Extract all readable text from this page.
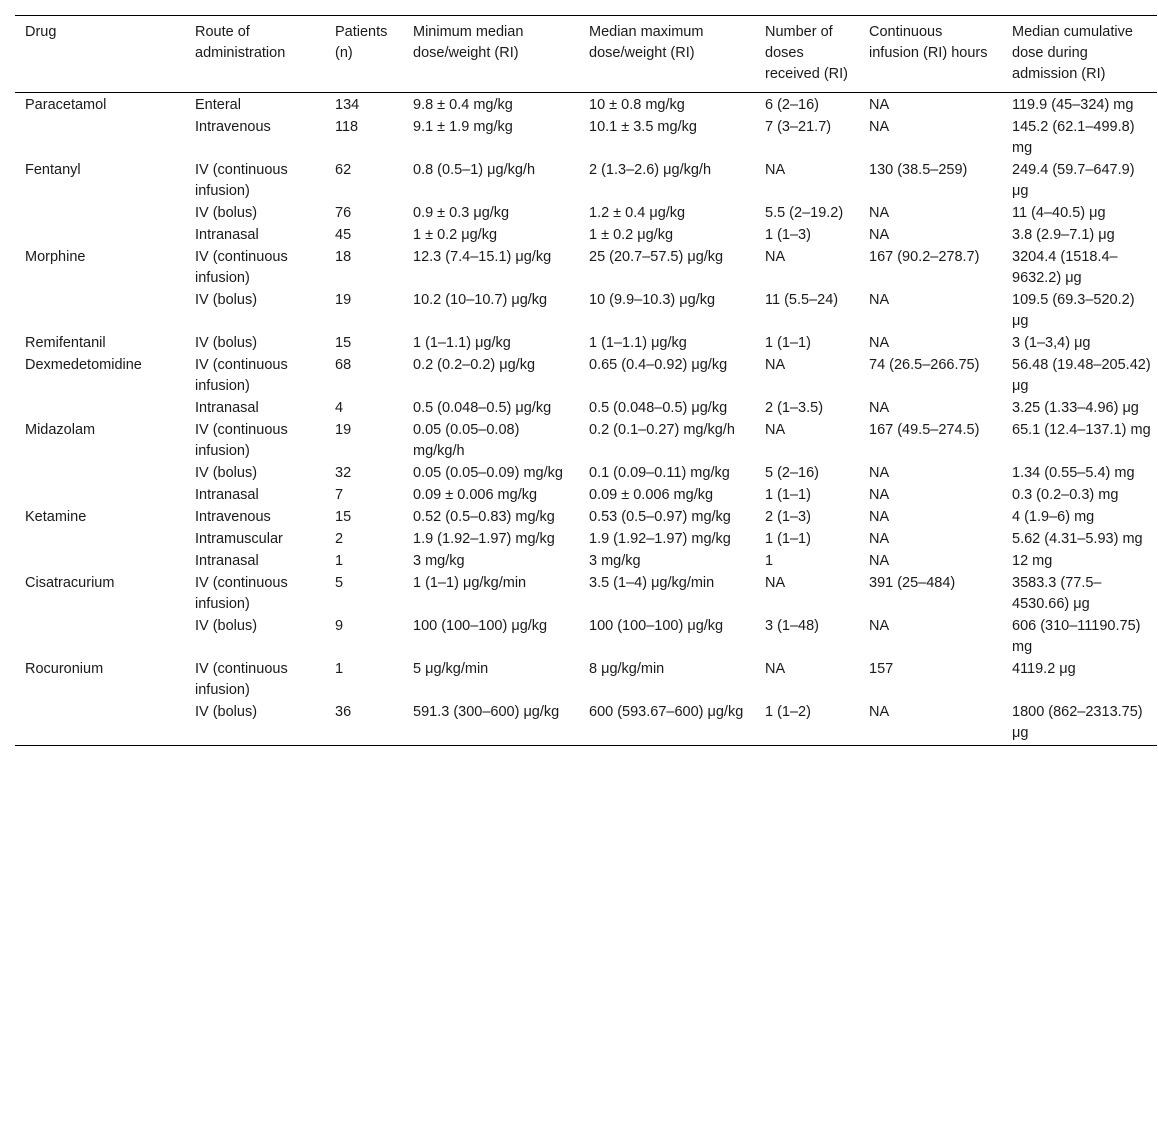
Drug	Route of administration	Patients (n)	Minimum median dose/weight (RI)	Median maximum dose/weight (RI)	Number of doses received (RI)	Continuous infusion (RI) hours	Median cumulative dose during admission (RI)
Paracetamol	Enteral	134	9.8 ± 0.4 mg/kg	10 ± 0.8 mg/kg	6 (2–16)	NA	119.9 (45–324) mg
	Intravenous	118	9.1 ± 1.9 mg/kg	10.1 ± 3.5 mg/kg	7 (3–21.7)	NA	145.2 (62.1–499.8) mg
Fentanyl	IV (continuous infusion)	62	0.8 (0.5–1) μg/kg/h	2 (1.3–2.6) μg/kg/h	NA	130 (38.5–259)	249.4 (59.7–647.9) μg
	IV (bolus)	76	0.9 ± 0.3 μg/kg	1.2 ± 0.4 μg/kg	5.5 (2–19.2)	NA	11 (4–40.5) μg
	Intranasal	45	1 ± 0.2 μg/kg	1 ± 0.2 μg/kg	1 (1–3)	NA	3.8 (2.9–7.1) μg
Morphine	IV (continuous infusion)	18	12.3 (7.4–15.1) μg/kg	25 (20.7–57.5) μg/kg	NA	167 (90.2–278.7)	3204.4 (1518.4–9632.2) μg
	IV (bolus)	19	10.2 (10–10.7) μg/kg	10 (9.9–10.3) μg/kg	11 (5.5–24)	NA	109.5 (69.3–520.2) μg
Remifentanil	IV (bolus)	15	1 (1–1.1) μg/kg	1 (1–1.1) μg/kg	1 (1–1)	NA	3 (1–3,4) μg
Dexmedetomidine	IV (continuous infusion)	68	0.2 (0.2–0.2) μg/kg	0.65 (0.4–0.92) μg/kg	NA	74 (26.5–266.75)	56.48 (19.48–205.42) μg
	Intranasal	4	0.5 (0.048–0.5) μg/kg	0.5 (0.048–0.5) μg/kg	2 (1–3.5)	NA	3.25 (1.33–4.96) μg
Midazolam	IV (continuous infusion)	19	0.05 (0.05–0.08) mg/kg/h	0.2 (0.1–0.27) mg/kg/h	NA	167 (49.5–274.5)	65.1 (12.4–137.1) mg
	IV (bolus)	32	0.05 (0.05–0.09) mg/kg	0.1 (0.09–0.11) mg/kg	5 (2–16)	NA	1.34 (0.55–5.4) mg
	Intranasal	7	0.09 ± 0.006 mg/kg	0.09 ± 0.006 mg/kg	1 (1–1)	NA	0.3 (0.2–0.3) mg
Ketamine	Intravenous	15	0.52 (0.5–0.83) mg/kg	0.53 (0.5–0.97) mg/kg	2 (1–3)	NA	4 (1.9–6) mg
	Intramuscular	2	1.9 (1.92–1.97) mg/kg	1.9 (1.92–1.97) mg/kg	1 (1–1)	NA	5.62 (4.31–5.93) mg
	Intranasal	1	3 mg/kg	3 mg/kg	1	NA	12 mg
Cisatracurium	IV (continuous infusion)	5	1 (1–1) μg/kg/min	3.5 (1–4) μg/kg/min	NA	391 (25–484)	3583.3 (77.5–4530.66) μg
	IV (bolus)	9	100 (100–100) μg/kg	100 (100–100) μg/kg	3 (1–48)	NA	606 (310–11190.75) mg
Rocuronium	IV (continuous infusion)	1	5 μg/kg/min	8 μg/kg/min	NA	157	4119.2 μg
	IV (bolus)	36	591.3 (300–600) μg/kg	600 (593.67–600) μg/kg	1 (1–2)	NA	1800 (862–2313.75) μg
